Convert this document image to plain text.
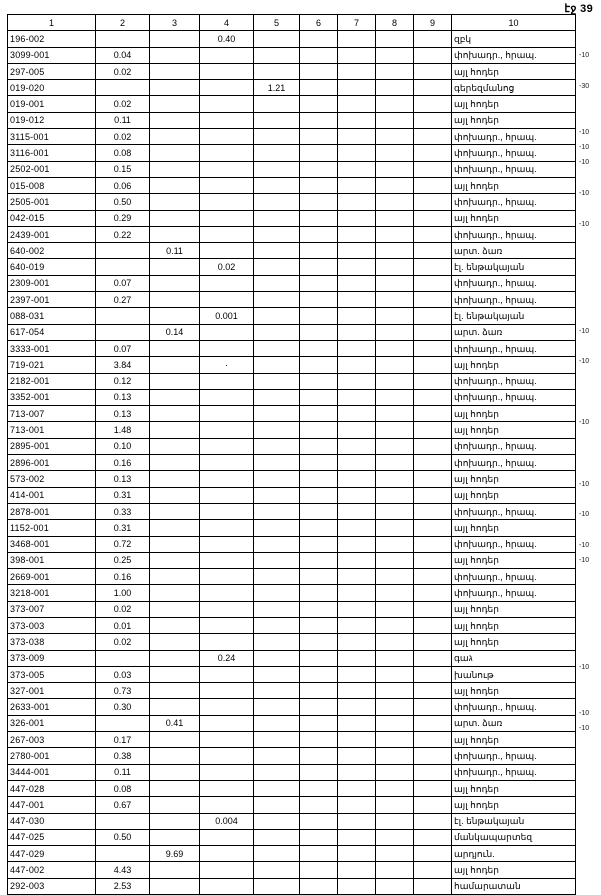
էջ 39
1	2	3	4	5	6	7	8	9	10
196-002			0.40						զբկ
3099-001	0.04								փոխադր., հրապ.
297-005	0.02								այլ հոդեր
019-020				1.21					գերեզմանոց
019-001	0.02								այլ հոդեր
019-012	0.11								այլ հոդեր
3115-001	0.02								փոխադր., հրապ.
3116-001	0.08								փոխադր., հրապ.
2502-001	0.15								փոխադր., հրապ.
015-008	0.06								այլ հոդեր
2505-001	0.50								փոխադր., հրապ.
042-015	0.29								այլ հոդեր
2439-001	0.22								փոխադր., հրապ.
640-002		0.11							արտ. ձառ
640-019			0.02						էլ. ենթակայան
2309-001	0.07								փոխադր., հրապ.
2397-001	0.27								փոխադր., հրապ.
088-031			0.001						էլ. ենթակայան
617-054		0.14							արտ. ձառ
3333-001	0.07								փոխադր., հրապ.
719-021	3.84		·						այլ հոդեր
2182-001	0.12								փոխադր., հրապ.
3352-001	0.13								փոխադր., հրապ.
713-007	0.13								այլ հոդեր
713-001	1.48								այլ հոդեր
2895-001	0.10								փոխադր., հրապ.
2896-001	0.16								փոխադր., հրապ.
573-002	0.13								այլ հոդեր
414-001	0.31								այլ հոդեր
2878-001	0.33								փոխադր., հրապ.
1152-001	0.31								այլ հոդեր
3468-001	0.72								փոխադր., հրապ.
398-001	0.25								այլ հոդեր
2669-001	0.16								փոխադր., հրապ.
3218-001	1.00								փոխադր., հրապ.
373-007	0.02								այլ հոդեր
373-003	0.01								այլ հոդեր
373-038	0.02								այլ հոդեր
373-009			0.24						գաג
373-005	0.03								խանութ
327-001	0.73								այլ հոդեր
2633-001	0.30								փոխադր., հրապ.
326-001		0.41							արտ. ձառ
267-003	0.17								այլ հոդեր
2780-001	0.38								փոխադր., հրապ.
3444-001	0.11								փոխադր., հրապ.
447-028	0.08								այլ հոդեր
447-001	0.67								այլ հոդեր
447-030			0.004						էլ. ենթակայան
447-025	0.50								մանկապարտեզ
447-029		9.69							արդյուն.
447-002	4.43								այլ հոդեր
292-003	2.53								համարատան
-10
-30
-10
-10
-10
-10
-10
-10
-10
-10
-10
-10
-10
-10
-10
-10
-10
